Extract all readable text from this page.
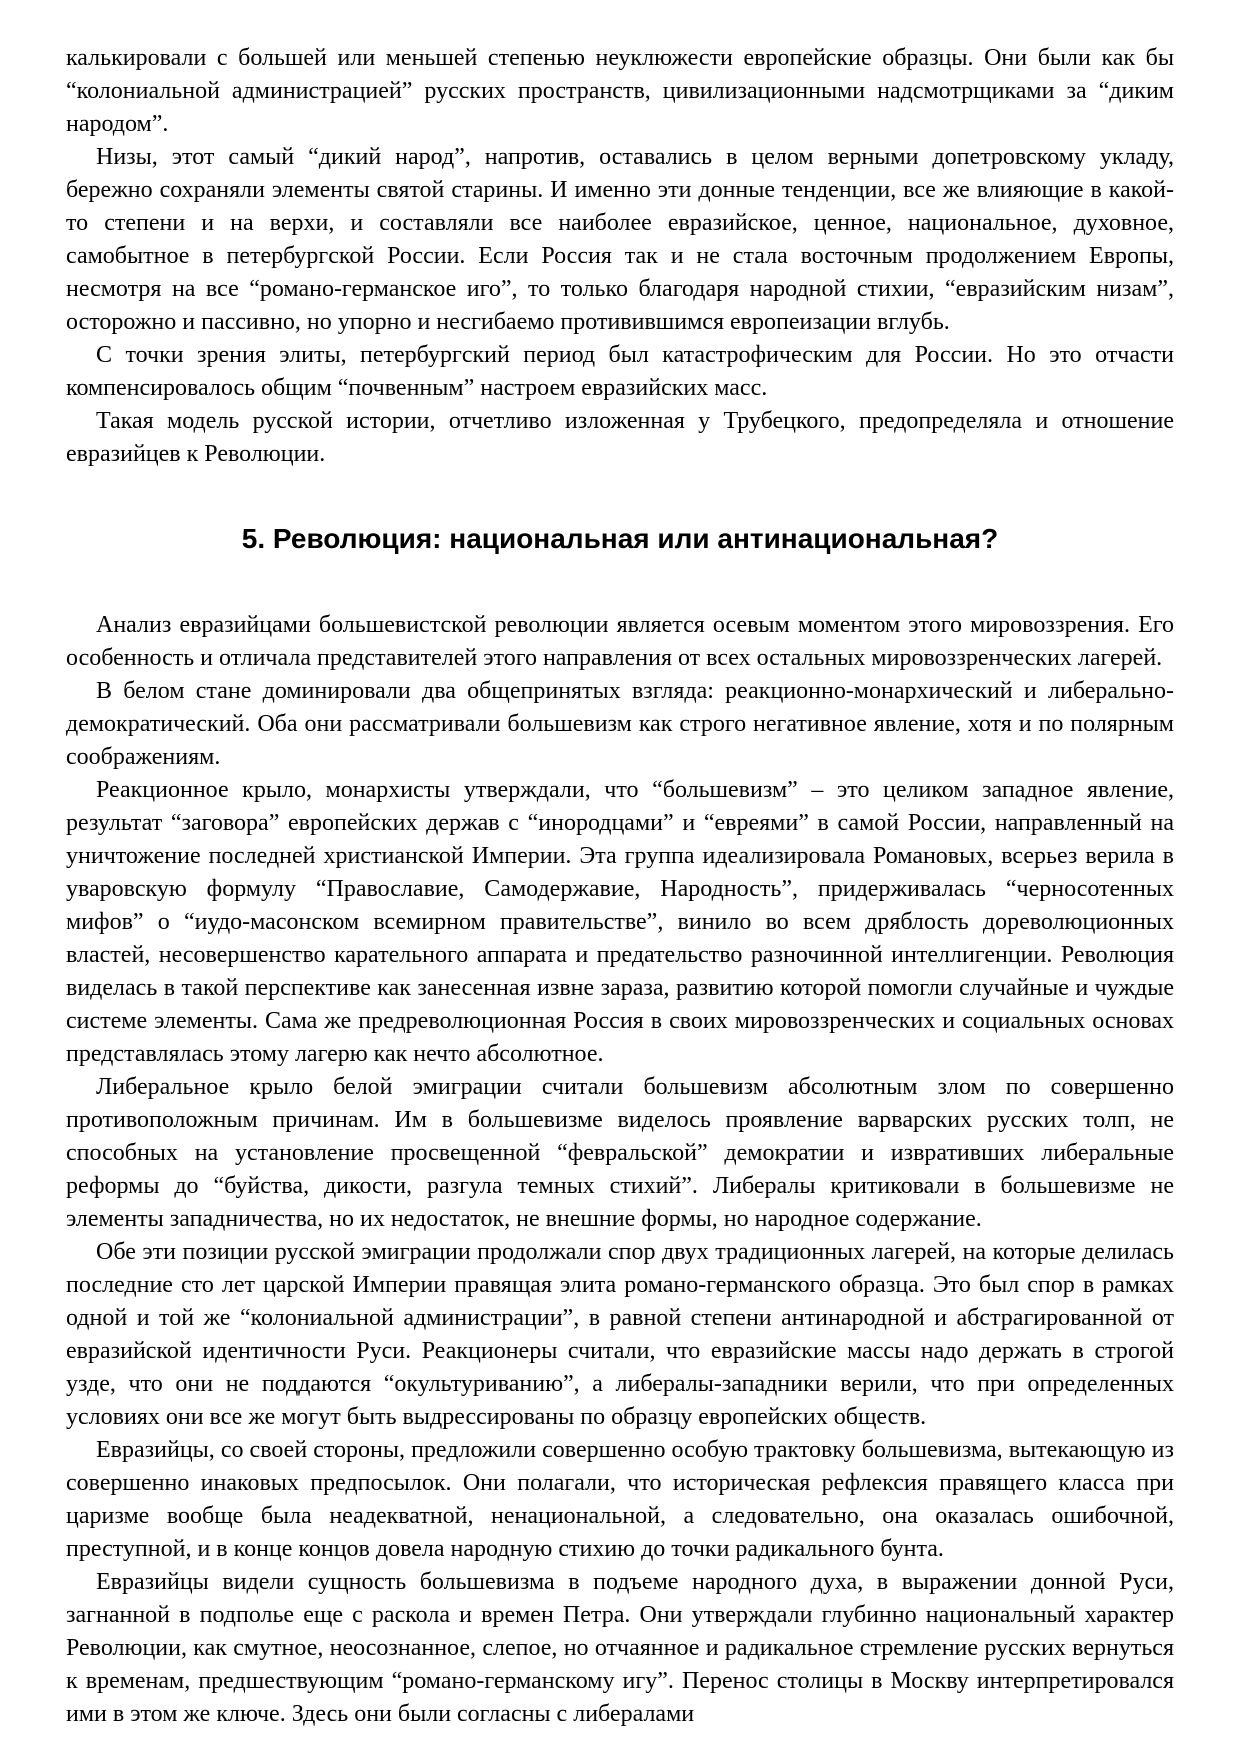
калькировали с большей или меньшей степенью неуклюжести европейские образцы. Они были как бы “колониальной администрацией” русских пространств, цивилизационными надсмотрщиками за “диким народом”.

Низы, этот самый “дикий народ”, напротив, оставались в целом верными допетровскому укладу, бережно сохраняли элементы святой старины. И именно эти донные тенденции, все же влияющие в какой-то степени и на верхи, и составляли все наиболее евразийское, ценное, национальное, духовное, самобытное в петербургской России. Если Россия так и не стала восточным продолжением Европы, несмотря на все “романо-германское иго”, то только благодаря народной стихии, “евразийским низам”, осторожно и пассивно, но упорно и несгибаемо противившимся европеизации вглубь.

С точки зрения элиты, петербургский период был катастрофическим для России. Но это отчасти компенсировалось общим “почвенным” настроем евразийских масс.

Такая модель русской истории, отчетливо изложенная у Трубецкого, предопределяла и отношение евразийцев к Революции.

5. Революция: национальная или антинациональная?

Анализ евразийцами большевистской революции является осевым моментом этого мировоззрения. Его особенность и отличала представителей этого направления от всех остальных мировоззренческих лагерей.

В белом стане доминировали два общепринятых взгляда: реакционно-монархический и либерально-демократический. Оба они рассматривали большевизм как строго негативное явление, хотя и по полярным соображениям.

Реакционное крыло, монархисты утверждали, что “большевизм” – это целиком западное явление, результат “заговора” европейских держав с “инородцами” и “евреями” в самой России, направленный на уничтожение последней христианской Империи. Эта группа идеализировала Романовых, всерьез верила в уваровскую формулу “Православие, Самодержавие, Народность”, придерживалась “черносотенных мифов” о “иудо-масонском всемирном правительстве”, винило во всем дряблость дореволюционных властей, несовершенство карательного аппарата и предательство разночинной интеллигенции. Революция виделась в такой перспективе как занесенная извне зараза, развитию которой помогли случайные и чуждые системе элементы. Сама же предреволюционная Россия в своих мировоззренческих и социальных основах представлялась этому лагерю как нечто абсолютное.

Либеральное крыло белой эмиграции считали большевизм абсолютным злом по совершенно противоположным причинам. Им в большевизме виделось проявление варварских русских толп, не способных на установление просвещенной “февральской” демократии и извративших либеральные реформы до “буйства, дикости, разгула темных стихий”. Либералы критиковали в большевизме не элементы западничества, но их недостаток, не внешние формы, но народное содержание.

Обе эти позиции русской эмиграции продолжали спор двух традиционных лагерей, на которые делилась последние сто лет царской Империи правящая элита романо-германского образца. Это был спор в рамках одной и той же “колониальной администрации”, в равной степени антинародной и абстрагированной от евразийской идентичности Руси. Реакционеры считали, что евразийские массы надо держать в строгой узде, что они не поддаются “окультуриванию”, а либералы-западники верили, что при определенных условиях они все же могут быть выдрессированы по образцу европейских обществ.

Евразийцы, со своей стороны, предложили совершенно особую трактовку большевизма, вытекающую из совершенно инаковых предпосылок. Они полагали, что историческая рефлексия правящего класса при царизме вообще была неадекватной, ненациональной, а следовательно, она оказалась ошибочной, преступной, и в конце концов довела народную стихию до точки радикального бунта.

Евразийцы видели сущность большевизма в подъеме народного духа, в выражении донной Руси, загнанной в подполье еще с раскола и времен Петра. Они утверждали глубинно национальный характер Революции, как смутное, неосознанное, слепое, но отчаянное и радикальное стремление русских вернуться к временам, предшествующим “романо-германскому игу”. Перенос столицы в Москву интерпретировался ими в этом же ключе. Здесь они были согласны с либералами
